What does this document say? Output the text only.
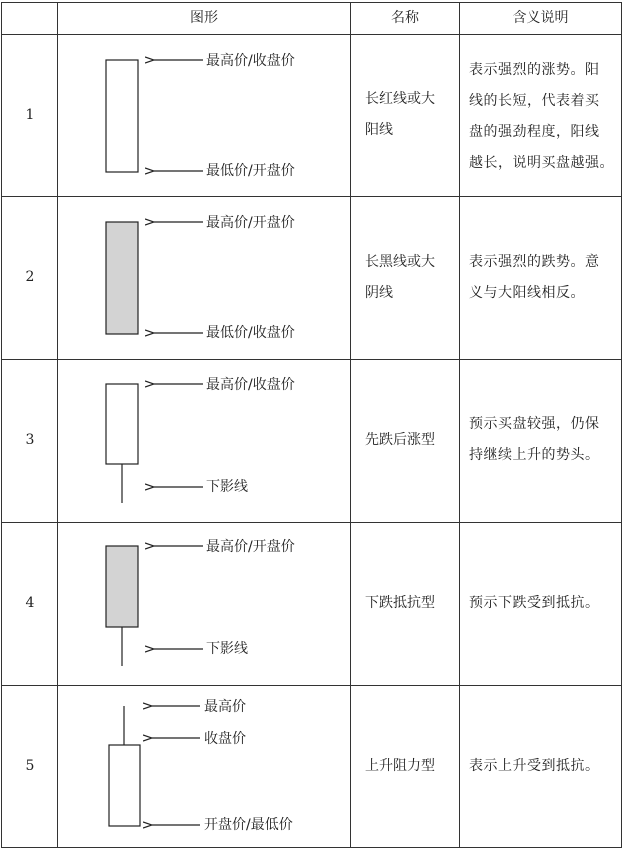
图形	名称	含义说明
最高价/收盘价
最低价/开盘价
最高价/开盘价
最低价/收盘价
最高价/收盘价
下影线
最高价/开盘价
下影线
最高价
收盘价
开盘价/最低价
1
2
3
4
5
长红线或大
阳线
长黑线或大
阴线
先跌后涨型
下跌抵抗型
上升阻力型
表示强烈的涨势。阳
线的长短，代表着买
盘的强劲程度，阳线
越长，说明买盘越强。
表示强烈的跌势。意
义与大阳线相反。
预示买盘较强，仍保
持继续上升的势头。
预示下跌受到抵抗。
表示上升受到抵抗。
